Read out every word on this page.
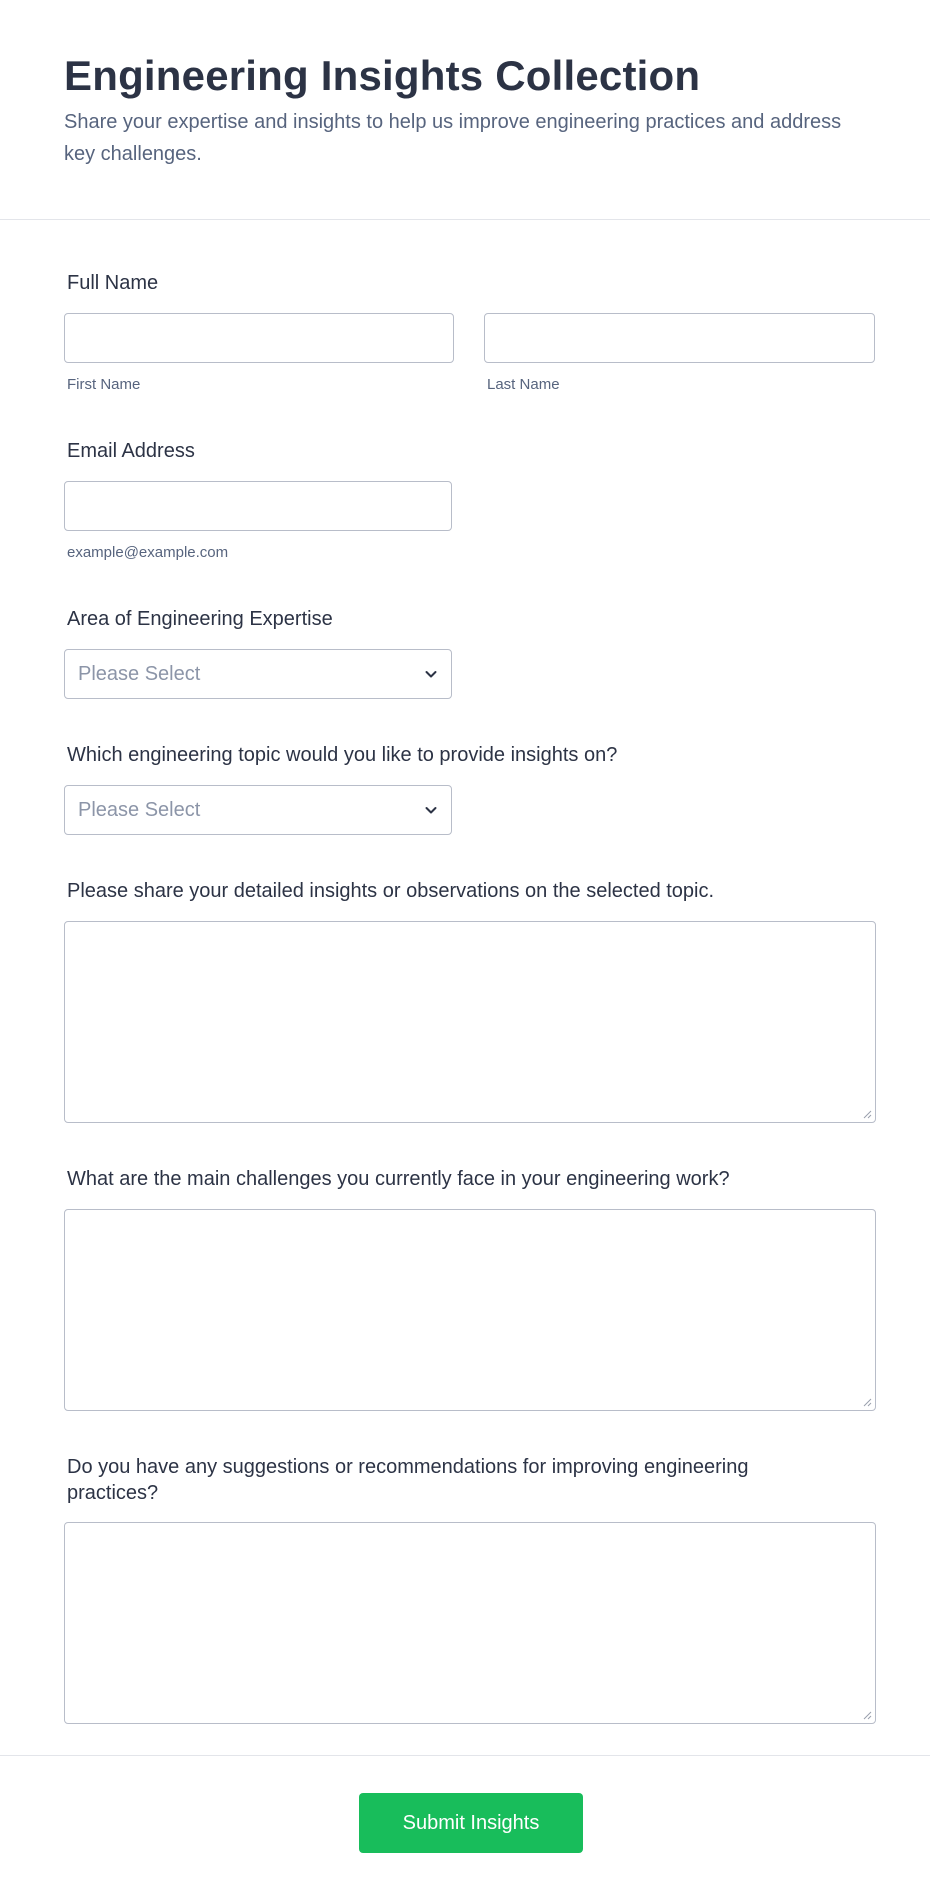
Engineering Insights Collection

Share your expertise and insights to help us improve engineering practices and address key challenges.

Full Name
First Name	Last Name
Email Address
example@example.com
Area of Engineering Expertise
Please Select
Which engineering topic would you like to provide insights on?
Please Select
Please share your detailed insights or observations on the selected topic.
What are the main challenges you currently face in your engineering work?
Do you have any suggestions or recommendations for improving engineering
practices?
Submit Insights
